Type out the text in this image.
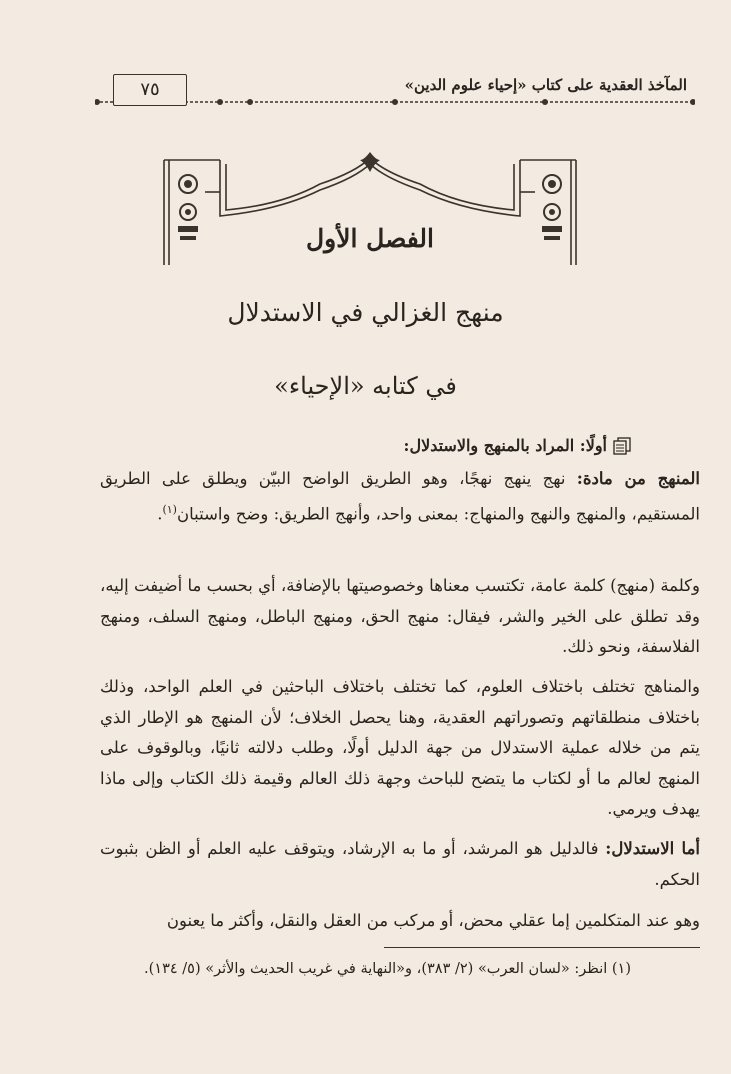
٧٥	المآخذ العقدية على كتاب «إحياء علوم الدين»
الفصل الأول
منهج الغزالي في الاستدلال
في كتابه «الإحياء»
أولًا: المراد بالمنهج والاستدلال:
المنهج من مادة: نهج ينهج نهجًا، وهو الطريق الواضح البيّن ويطلق على الطريق المستقيم، والمنهج والنهج والمنهاج: بمعنى واحد، وأنهج الطريق: وضح واستبان$^{(١)}$.
وكلمة (منهج) كلمة عامة، تكتسب معناها وخصوصيتها بالإضافة، أي بحسب ما أضيفت إليه، وقد تطلق على الخير والشر، فيقال: منهج الحق، ومنهج الباطل، ومنهج السلف، ومنهج الفلاسفة، ونحو ذلك.
والمناهج تختلف باختلاف العلوم، كما تختلف باختلاف الباحثين في العلم الواحد، وذلك باختلاف منطلقاتهم وتصوراتهم العقدية، وهنا يحصل الخلاف؛ لأن المنهج هو الإطار الذي يتم من خلاله عملية الاستدلال من جهة الدليل أولًا، وطلب دلالته ثانيًا، وبالوقوف على المنهج لعالم ما أو لكتاب ما يتضح للباحث وجهة ذلك العالم وقيمة ذلك الكتاب وإلى ماذا يهدف ويرمي.
أما الاستدلال: فالدليل هو المرشد، أو ما به الإرشاد، ويتوقف عليه العلم أو الظن بثبوت الحكم.
وهو عند المتكلمين إما عقلي محض، أو مركب من العقل والنقل، وأكثر ما يعنون
(١) انظر: «لسان العرب» (٢/ ٣٨٣)، و«النهاية في غريب الحديث والأثر» (٥/ ١٣٤).
